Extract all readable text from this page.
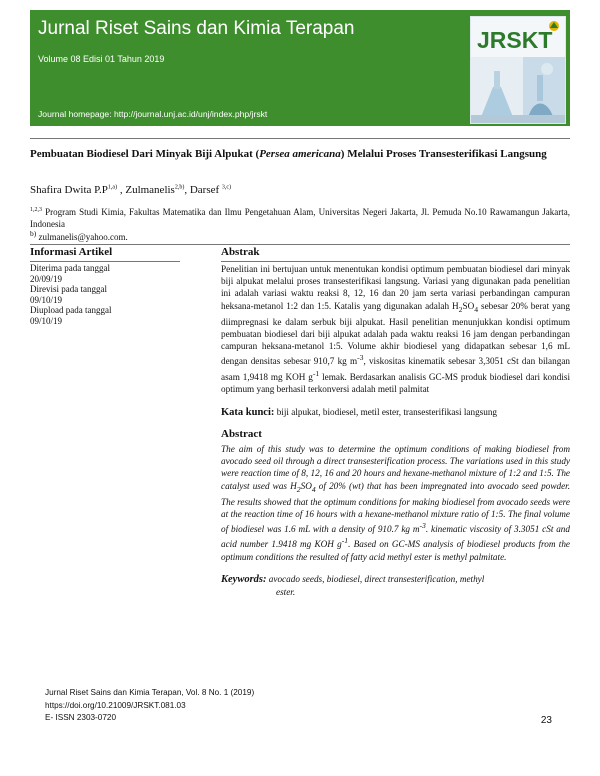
Jurnal Riset Sains dan Kimia Terapan
Volume 08 Edisi 01 Tahun 2019
Journal homepage: http://journal.unj.ac.id/unj/index.php/jrskt
JRSKT
Pembuatan Biodiesel Dari Minyak Biji Alpukat (Persea americana) Melalui Proses Transesterifikasi Langsung
Shafira Dwita $P.P^{1,a)}$ , Zulmanelis$^{2,b)}$, Darsef $^{3,c)}$
$^{1,2,3}$ Program Studi Kimia, Fakultas Matematika dan Ilmu Pengetahuan Alam, Universitas Negeri Jakarta, Jl. Pemuda No.10 Rawamangun Jakarta, Indonesia
$^{b)}$ zulmanelis@yahoo.com.
Informasi Artikel
Diterima pada tanggal
20/09/19
Direvisi pada tanggal
09/10/19
Diupload pada tanggal
09/10/19
Abstrak
Penelitian ini bertujuan untuk menentukan kondisi optimum pembuatan biodiesel dari minyak biji alpukat melalui proses transesterifikasi langsung. Variasi yang digunakan pada penelitian ini adalah variasi waktu reaksi 8, 12, 16 dan 20 jam serta variasi perbandingan campuran heksana-metanol 1:2 dan 1:5. Katalis yang digunakan adalah $H_2SO_4$ sebesar 20% berat yang diimpregnasi ke dalam serbuk biji alpukat. Hasil penelitian menunjukkan kondisi optimum pembuatan biodiesel dari biji alpukat adalah pada waktu reaksi 16 jam dengan perbandingan campuran heksana-metanol 1:5. Volume akhir biodiesel yang didapatkan sebesar 1,6 mL dengan densitas sebesar 910,7 kg $m^{-3}$, viskositas kinematik sebesar 3,3051 cSt dan bilangan asam 1,9418 mg KOH $g^{-1}$ lemak. Berdasarkan analisis GC-MS produk biodiesel dari kondisi optimum yang berhasil terkonversi adalah metil palmitat
Kata kunci: biji alpukat, biodiesel, metil ester, transesterifikasi langsung
Abstract
The aim of this study was to determine the optimum conditions of making biodiesel from avocado seed oil through a direct transesterification process. The variations used in this study were reaction time of 8, 12, 16 and 20 hours and hexane-methanol mixture of 1:2 and 1:5. The catalyst used was $H_2SO_4$ of 20% (wt) that has been impregnated into avocado seed powder. The results showed that the optimum conditions for making biodiesel from avocado seeds were at the reaction time of 16 hours with a hexane-methanol mixture ratio of 1:5. The final volume of biodiesel was 1.6 mL with a density of 910.7 kg $m^{-3}$. kinematic viscosity of 3.3051 cSt and acid number 1.9418 mg KOH $g^{-1}$. Based on GC-MS analysis of biodiesel products from the optimum conditions the resulted of fatty acid methyl ester is methyl palmitate.
Keywords: avocado seeds, biodiesel, direct transesterification, methyl
ester.
Jurnal Riset Sains dan Kimia Terapan, Vol. 8 No. 1 (2019)
https://doi.org/10.21009/JRSKT.081.03
E- ISSN 2303-0720	23
